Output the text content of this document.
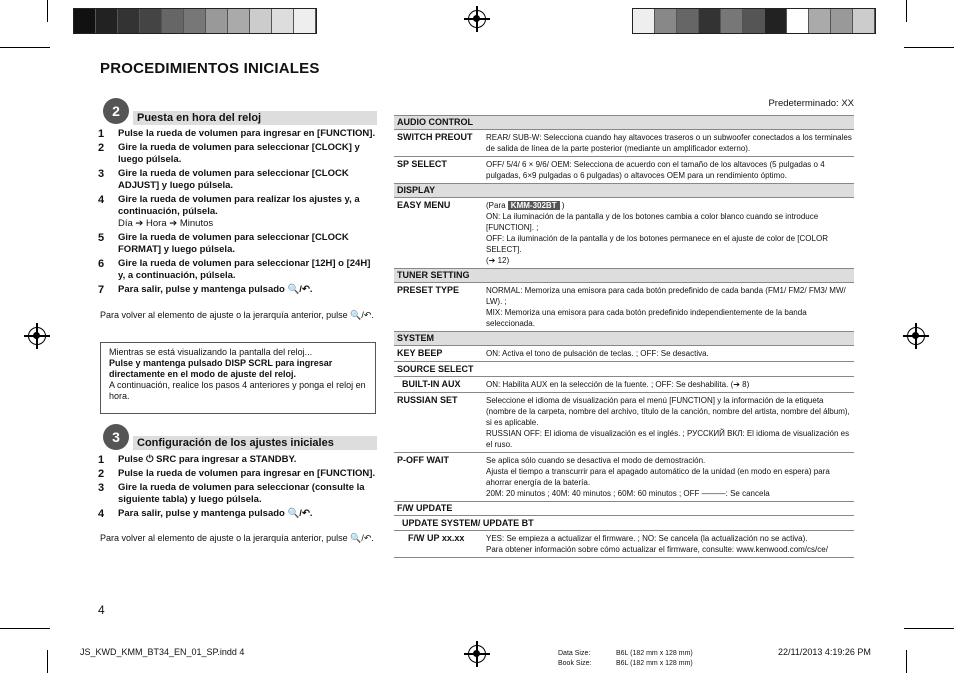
PROCEDIMIENTOS INICIALES
2	Puesta en hora del reloj
1	Pulse la rueda de volumen para ingresar en [FUNCTION].
2	Gire la rueda de volumen para seleccionar [CLOCK] y luego púlsela.
3	Gire la rueda de volumen para seleccionar [CLOCK ADJUST] y luego púlsela.
4	Gire la rueda de volumen para realizar los ajustes y, a continuación, púlsela.
Día ➔ Hora ➔ Minutos
5	Gire la rueda de volumen para seleccionar [CLOCK FORMAT] y luego púlsela.
6	Gire la rueda de volumen para seleccionar [12H] o [24H] y, a continuación, púlsela.
7	Para salir, pulse y mantenga pulsado 🔍/↶.
Para volver al elemento de ajuste o la jerarquía anterior, pulse 🔍/↶.
Mientras se está visualizando la pantalla del reloj...
Pulse y mantenga pulsado DISP SCRL para ingresar directamente en el modo de ajuste del reloj.
A continuación, realice los pasos 4 anteriores y ponga el reloj en hora.
3	Configuración de los ajustes iniciales
1	Pulse ⏻ SRC para ingresar a STANDBY.
2	Pulse la rueda de volumen para ingresar en [FUNCTION].
3	Gire la rueda de volumen para seleccionar (consulte la siguiente tabla) y luego púlsela.
4	Para salir, pulse y mantenga pulsado 🔍/↶.
Para volver al elemento de ajuste o la jerarquía anterior, pulse 🔍/↶.
Predeterminado: XX
AUDIO CONTROL
SWITCH PREOUT	REAR/ SUB-W: Selecciona cuando hay altavoces traseros o un subwoofer conectados a los terminales de salida de línea de la parte posterior (mediante un amplificador externo).
SP SELECT	OFF/ 5/4/ 6 × 9/6/ OEM: Selecciona de acuerdo con el tamaño de los altavoces (5 pulgadas o 4 pulgadas, 6×9 pulgadas o 6 pulgadas) o altavoces OEM para un rendimiento óptimo.
DISPLAY
EASY MENU	(Para KMM-302BT )
ON: La iluminación de la pantalla y de los botones cambia a color blanco cuando se introduce [FUNCTION]. ;
OFF: La iluminación de la pantalla y de los botones permanece en el ajuste de color de [COLOR SELECT].
(➔ 12)
TUNER SETTING
PRESET TYPE	NORMAL: Memoriza una emisora para cada botón predefinido de cada banda (FM1/ FM2/ FM3/ MW/ LW). ;
MIX: Memoriza una emisora para cada botón predefinido independientemente de la banda seleccionada.
SYSTEM
KEY BEEP	ON: Activa el tono de pulsación de teclas. ; OFF: Se desactiva.
SOURCE SELECT
BUILT-IN AUX	ON: Habilita AUX en la selección de la fuente. ; OFF: Se deshabilita. (➔ 8)
RUSSIAN SET	Seleccione el idioma de visualización para el menú [FUNCTION] y la información de la etiqueta (nombre de la carpeta, nombre del archivo, título de la canción, nombre del artista, nombre del álbum), si es aplicable.
RUSSIAN OFF: El idioma de visualización es el inglés. ; РУССКИЙ ВКЛ: El idioma de visualización es el ruso.
P-OFF WAIT	Se aplica sólo cuando se desactiva el modo de demostración.
Ajusta el tiempo a transcurrir para el apagado automático de la unidad (en modo en espera) para ahorrar energía de la batería.
20M: 20 minutos ; 40M: 40 minutos ; 60M: 60 minutos ; OFF ———: Se cancela
F/W UPDATE
UPDATE SYSTEM/ UPDATE BT
F/W UP xx.xx	YES: Se empieza a actualizar el firmware. ; NO: Se cancela (la actualización no se activa).
Para obtener información sobre cómo actualizar el firmware, consulte: www.kenwood.com/cs/ce/
4
JS_KWD_KMM_BT34_EN_01_SP.indd 4	Data Size:
Book Size:
B6L (182 mm x 128 mm)
B6L (182 mm x 128 mm)
22/11/2013 4:19:26 PM
